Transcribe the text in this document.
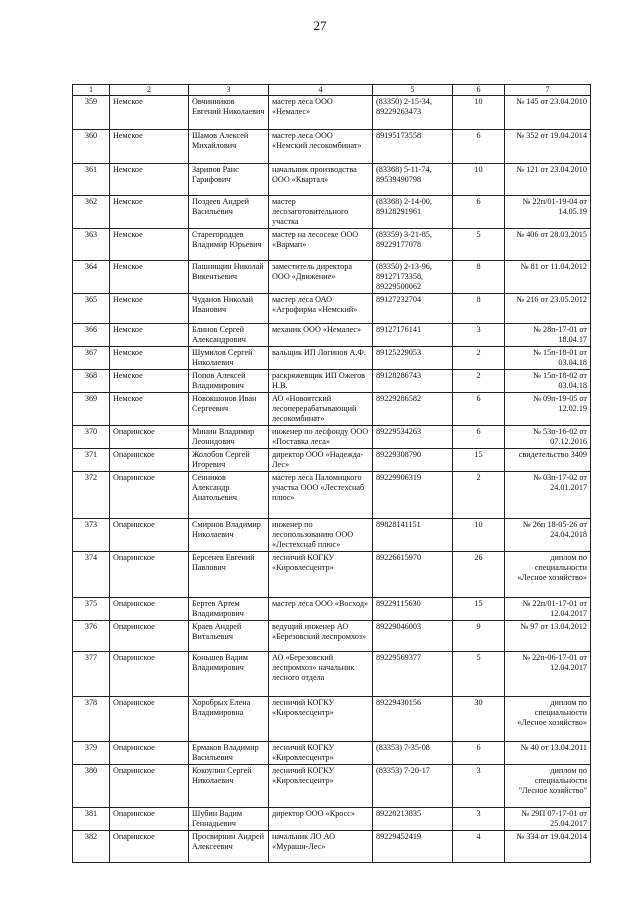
27
1	2	3	4	5	6	7
359	Немское	Овчинников Евгений Николаевич	мастер леса ООО «Немалес»	(83350) 2-15-34, 89229263473	10	№ 145 от 23.04.2010
360	Немское	Шамов Алексей Михайлович	мастер леса ООО «Немский лесокомбинат»	89195173558	6	№ 352 от 19.04.2014
361	Немское	Зарипов Ранс Гарифович	начальник производства ООО «Квартал»	(83368) 5-11-74, 89539490798	10	№ 121 от 23.04.2010
362	Немское	Поздеев Андрей Васильевич	мастер лесозаготовительного участка	(83368) 2-14-00, 89128291961	6	№ 22п/01-19-04 от 14.05.19
363	Немское	Старегородцев Владимир Юрьевич	мастер на лесосеке ООО «Вармап»	(83359) 3-21-85, 89229177078	5	№ 406 от 28.03.2015
364	Немское	Пашнищин Николай Викентьевич	заместитель директора ООО «Движение»	(83350) 2-13-96, 89127173358, 89229500062	8	№ 81 от 11.04.2012
365	Немское	Чуданов Николай Иванович	мастер леса ОАО «Агрофирма «Немский»	89127232704	8	№ 216 от 23.05.2012
366	Немское	Блинов Сергей Александрович	механик ООО «Немалес»	89127176141	3	№ 28п-17-01 от 18.04.17
367	Немское	Шумилов Сергей Николаевич	вальщик ИП Логинов А.Ф.	89125229053	2	№ 15п-18-01 от 03.04.18
368	Немское	Попов Алексей Владимирович	раскряжевщик ИП Ожегов Н.В.	89128286743	2	№ 15п-18-02 от 03.04.18
369	Немское	Новокшонов Иван Сергеевич	АО «Новоятский лесоперерабатывающий лесокомбинат»	89229286582	6	№ 09п-19-05 от 12.02.19
370	Опаринское	Минин Владимир Леонидович	инженер по лесфонду ООО «Поставка леса»	89229534263	6	№ 53п-16-02 от 07.12.2016
371	Опаринское	Жолобов Сергей Игоревич	директор ООО «Надежда-Лес»	89229308790	15	свидетельство 3409
372	Опаринское	Сенников Александр Анатольевич	мастер леса Паломицкого участка ООО «Лестехснаб плюс»	89229906319	2	№ 03п-17-02 от 24.01.2017
373	Опаринское	Смирнов Владимир Николаевич	инженер по лесопользованию ООО «Лестехснаб плюс»	89828141151	10	№ 26п 18-05-26 от 24.04.2018
374	Опаринское	Берсенев Евгений Павлович	лесничий КОГКУ «Кировлесцентр»	89226615970	26	диплом по специальности «Лесное хозяйство»
375	Опаринское	Бертев Артем Владимирович	мастер леса ООО «Восход»	89229115630	15	№ 22п/01-17-01 от 12.04.2017
376	Опаринское	Краев Андрей Витальевич	ведущий инженер АО «Березовский леспромхоз»	89229046003	9	№ 97 от 13.04.2012
377	Опаринское	Коньшев Вадим Владимирович	АО «Березовский леспромхоз» начальник лесного отдела	89229569377	5	№ 22п-06-17-01 от 12.04.2017
378	Опаринское	Хоробрых Елена Владимировна	лесничий КОГКУ «Кировлесцентр»	89229430156	30	диплом по специальности «Лесное хозяйство»
379	Опаринское	Ермаков Владимир Васильевич	лесничий КОГКУ «Кировлесцентр»	(83353) 7-35-08	6	№ 40 от 13.04.2011
380	Опаринское	Кокоулин Сергей Николаевич	лесничий КОГКУ «Кировлесцентр»	(83353) 7-20-17	3	диплом по специальности "Лесное хозяйство"
381	Опаринское	Шубин Вадим Геннадьевич	директор ООО «Кросс»	89220213835	3	№ 29П 07-17-01 от 25.04.2017
382	Опаринское	Просвирнин Андрей Алексеевич	начальник ЛО АО «Мураши-Лес»	89229452419	4	№ 334 от 19.04.2014
